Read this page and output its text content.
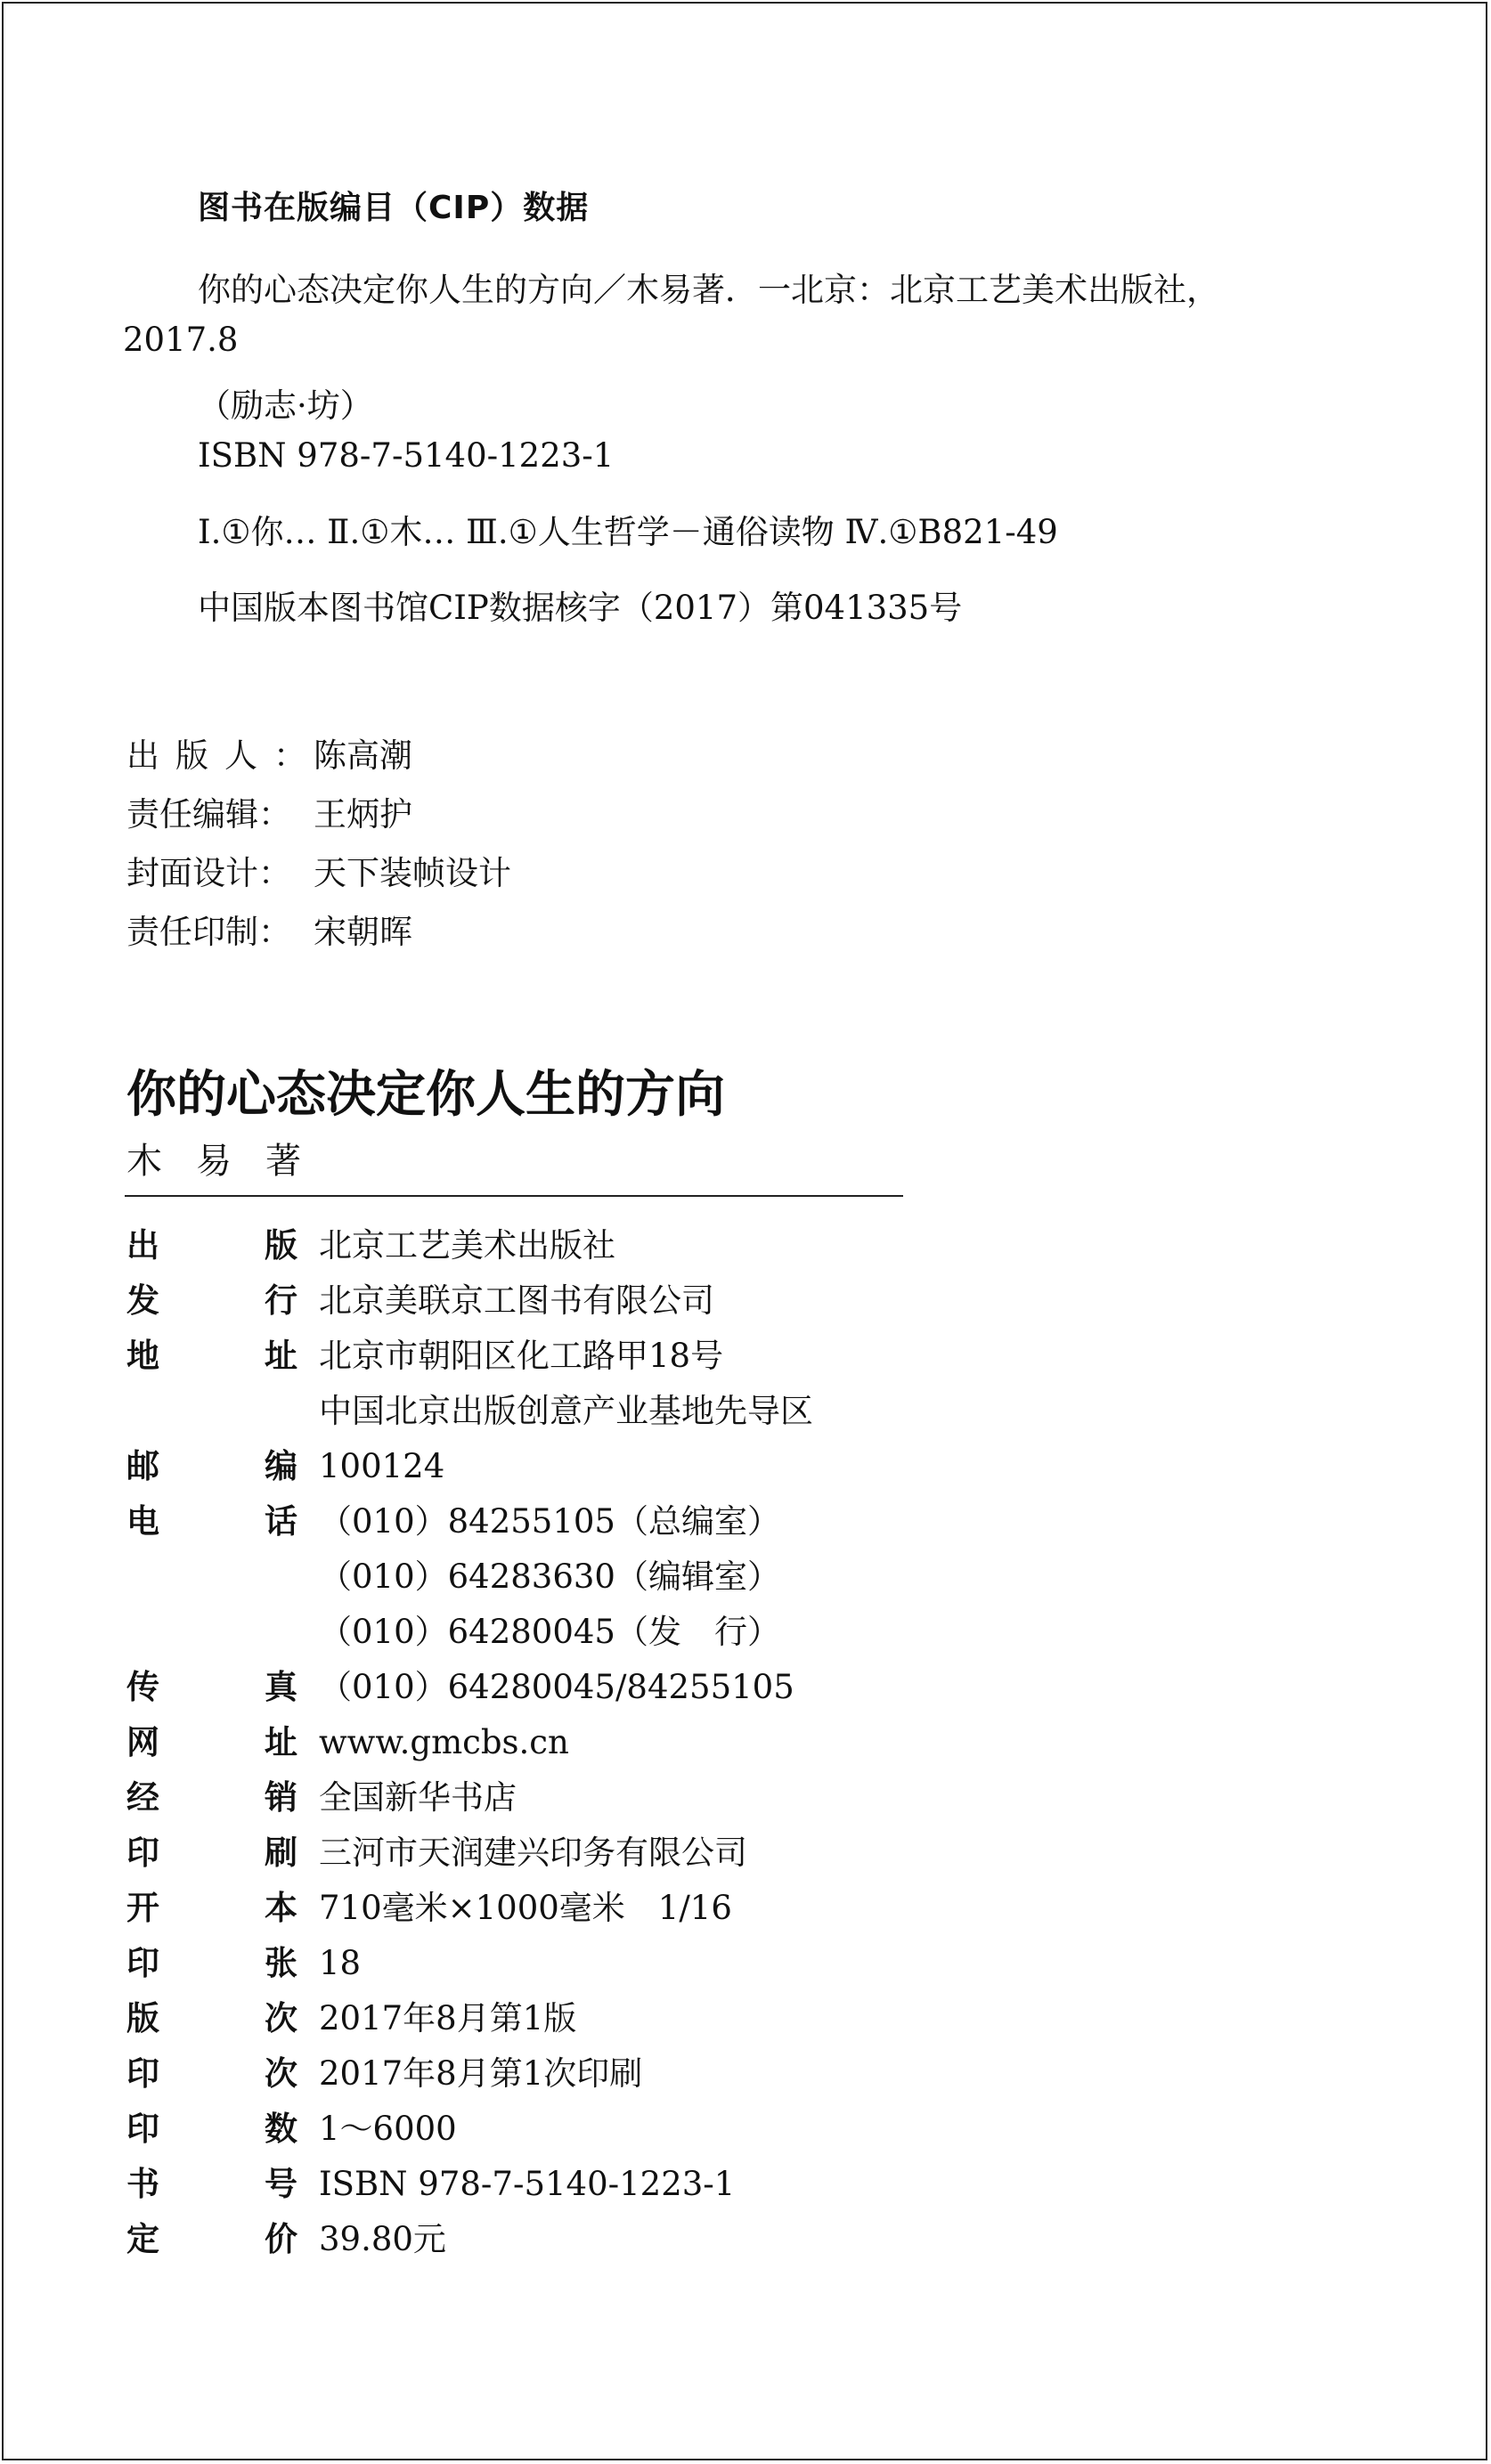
图书在版编目（CIP）数据
你的心态决定你人生的方向／木易著．一北京：北京工艺美术出版社，
2017.8
（励志·坊）
ISBN 978-7-5140-1223-1
Ⅰ.①你… Ⅱ.①木… Ⅲ.①人生哲学－通俗读物 Ⅳ.①B821-49
中国版本图书馆CIP数据核字（2017）第041335号
出版人：
陈高潮
责任编辑： 王炳护
封面设计： 天下装帧设计
责任印制： 宋朝晖
你的心态决定你人生的方向
木易著
出	版 北京工艺美术出版社
发	行 北京美联京工图书有限公司
地	址 北京市朝阳区化工路甲18号
中国北京出版创意产业基地先导区
邮	编 100124
电	话 （010）84255105（总编室）
（010）64283630（编辑室）
（010）64280045（发　行）
传	真 （010）64280045/84255105
网	址 www.gmcbs.cn
经	销 全国新华书店
印	刷 三河市天润建兴印务有限公司
开	本 710毫米×1000毫米　1/16
印	张 18
版	次 2017年8月第1版
印	次 2017年8月第1次印刷
印	数 1～6000
书	号 ISBN 978-7-5140-1223-1
定	价 39.80元
